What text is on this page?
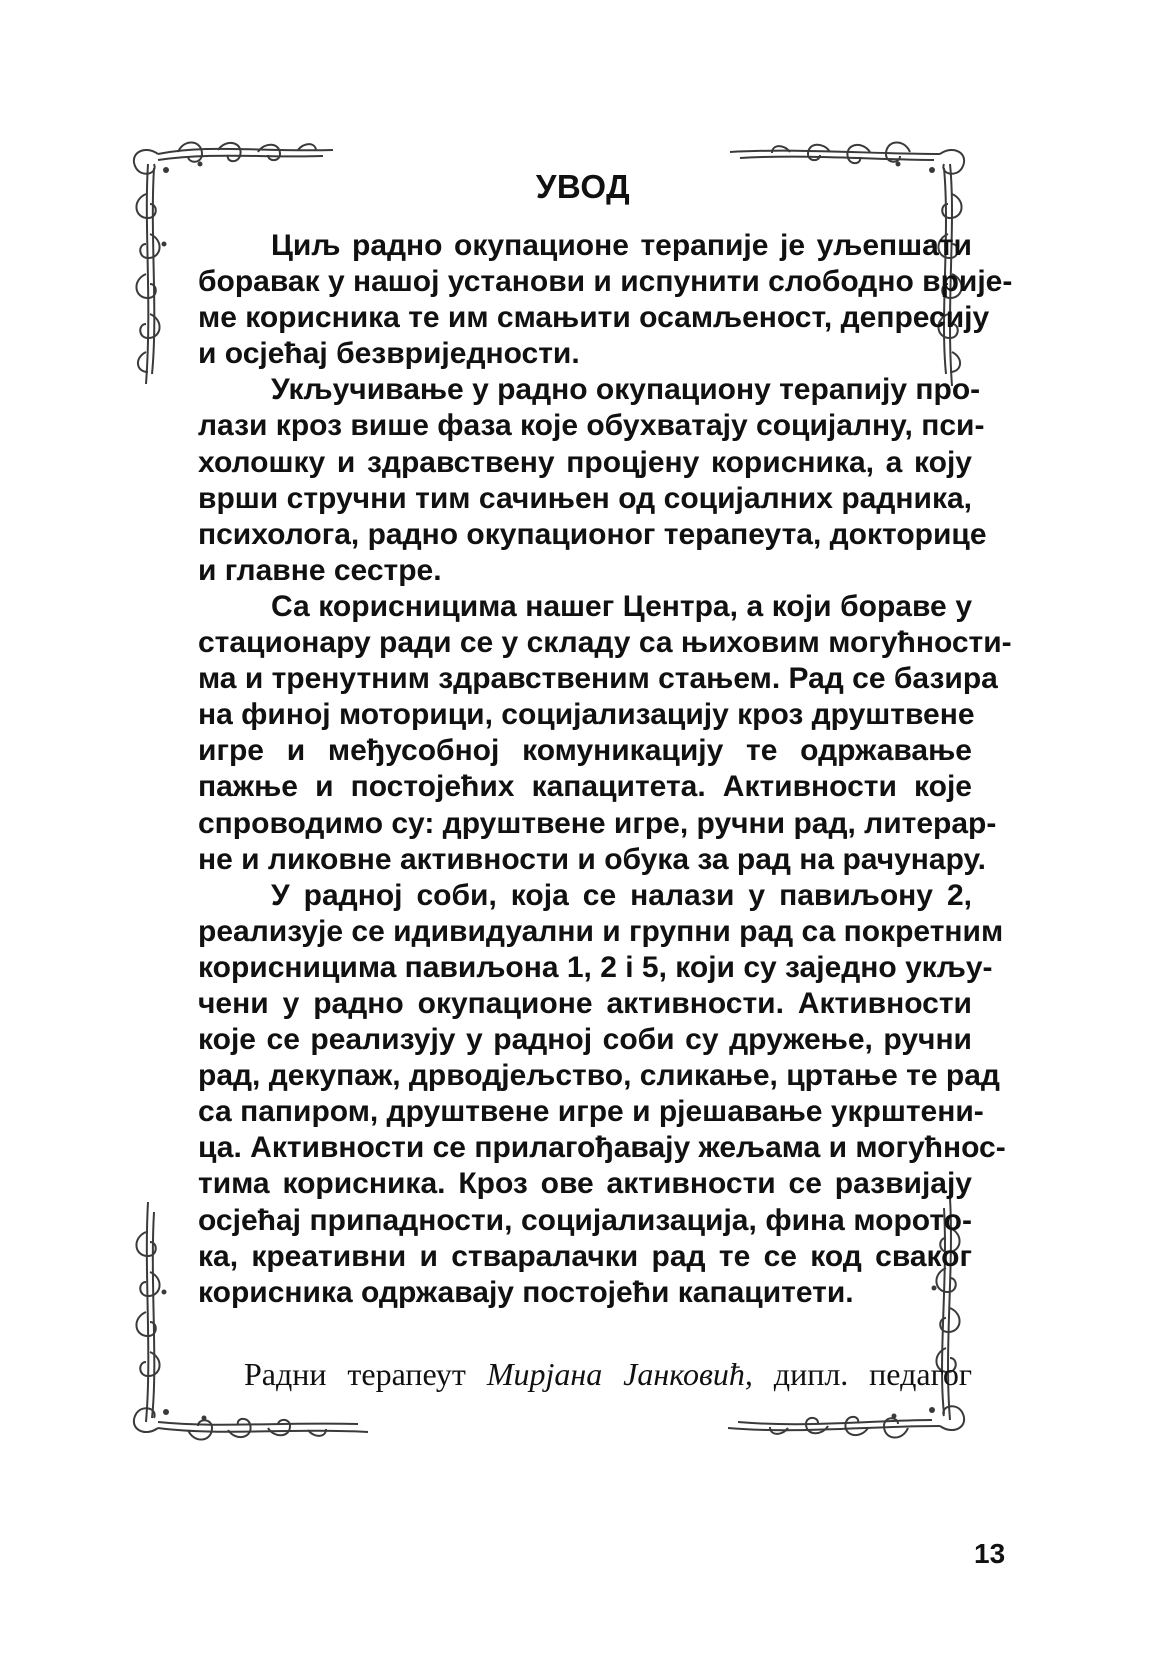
УВОД
Циљ радно окупационе терапије је уљепшати
боравак у нашој установи и испунити слободно врије-
ме корисника те им смањити осамљеност, депресију
и осјећај безвриједности.
Укључивање у радно окупациону терапију про-
лази кроз више фаза које обухватају социјалну, пси-
холошку и здравствену процјену корисника, а коју
врши стручни тим сачињен од социјалних радника,
психолога, радно окупационог терапеута, докторице
и главне сестре.
Са корисницима нашег Центра, а који бораве у
стационару ради се у складу са њиховим могућности-
ма и тренутним здравственим стањем. Рад се базира
на финој моторици, социјализацију кроз друштвене
игре и међусобној комуникацију те одржавање
пажње и постојећих капацитета. Активности које
спроводимо су: друштвене игре, ручни рад, литерар-
не и ликовне активности и обука за рад на рачунару.
У радној соби, која се налази у павиљону 2,
реализује се идивидуални и групни рад са покретним
корисницима павиљона 1, 2 і 5, који су заједно укљу-
чени у радно окупационе активности. Активности
које се реализују у радној соби су дружење, ручни
рад, декупаж, дрводјељство, сликање, цртање те рад
са папиром, друштвене игре и рјешавање укрштени-
ца. Активности се прилагођавају жељама и могућнос-
тима корисника. Кроз ове активности се развијају
осјећај припадности, социјализација, фина морото-
ка, креативни и стваралачки рад те се код сваког
корисника одржавају постојећи капацитети.
Радни терапеут Мирјана Јанковић, дипл. педагог
13
